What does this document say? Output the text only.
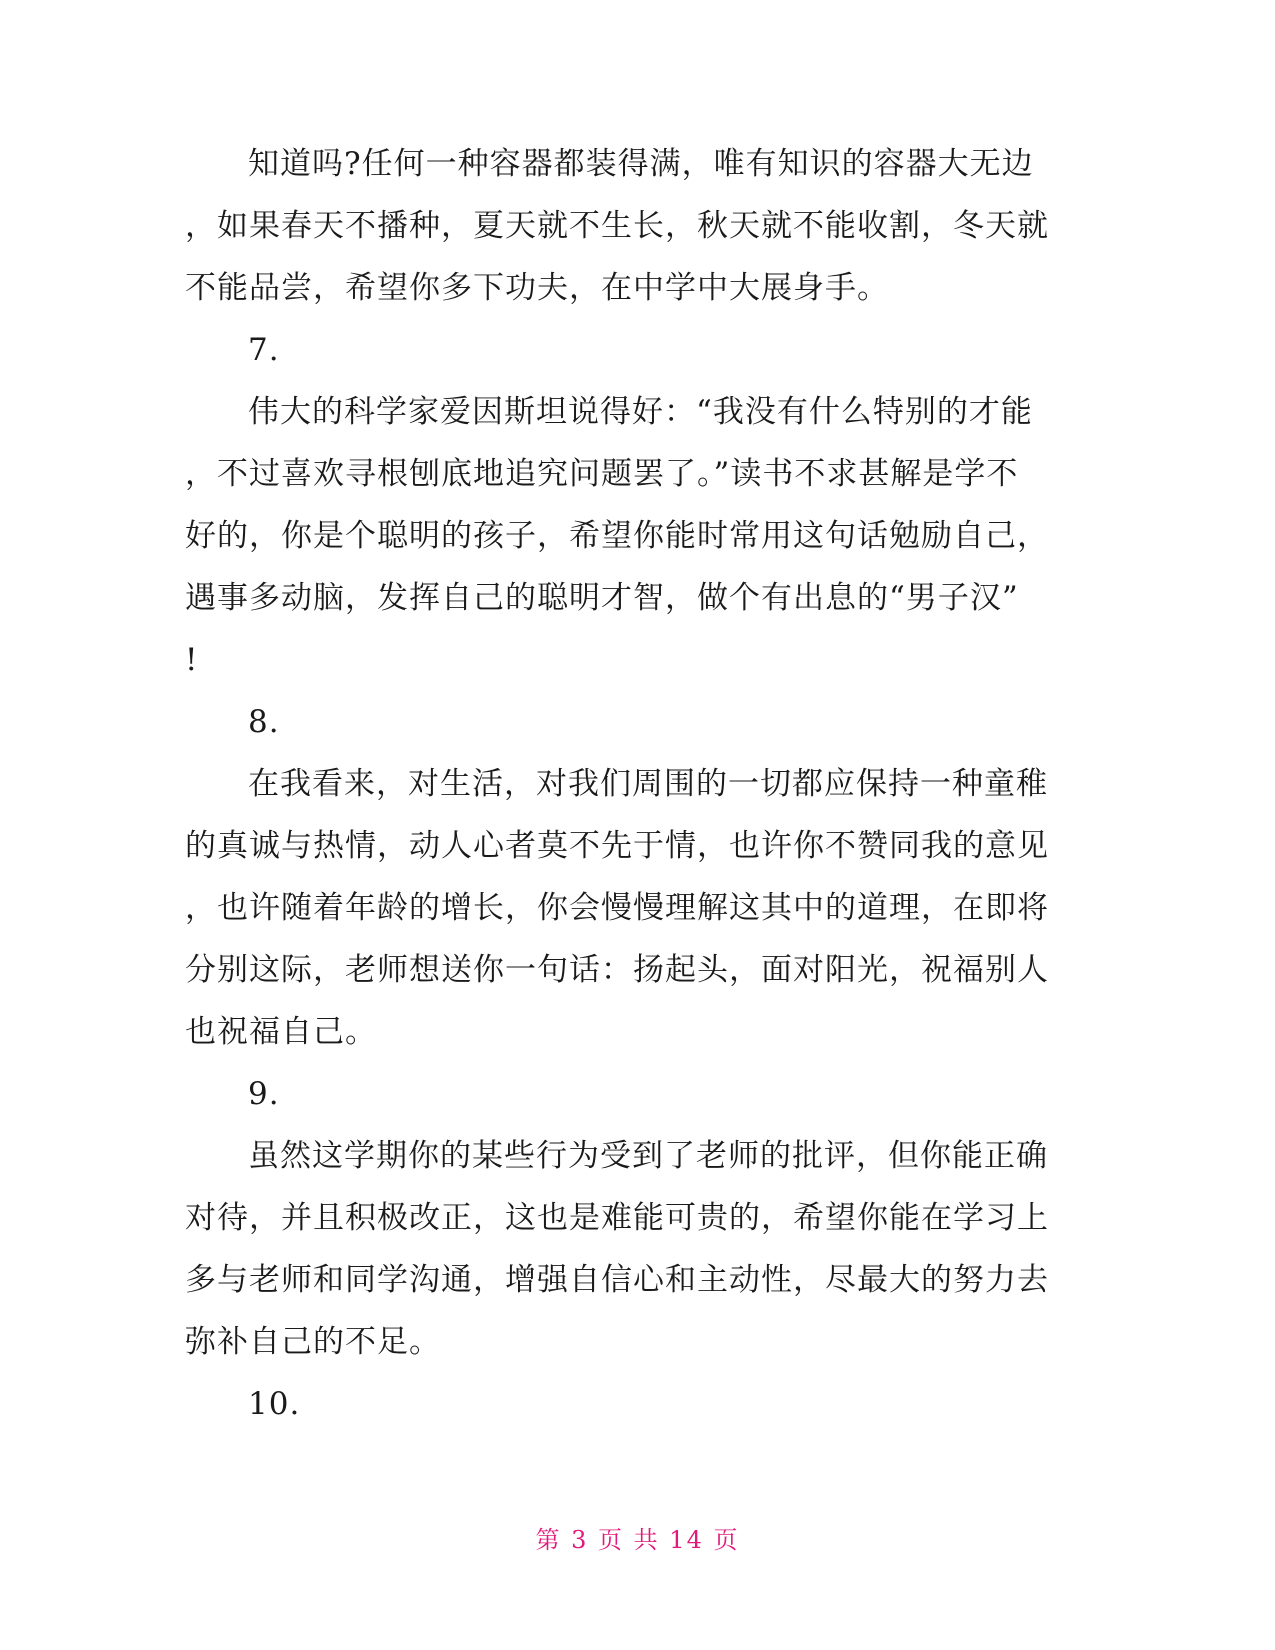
知道吗?任何一种容器都装得满，唯有知识的容器大无边
，如果春天不播种，夏天就不生长，秋天就不能收割，冬天就
不能品尝，希望你多下功夫，在中学中大展身手。
7.
伟大的科学家爱因斯坦说得好：“我没有什么特别的才能
，不过喜欢寻根刨底地追究问题罢了。”读书不求甚解是学不
好的，你是个聪明的孩子，希望你能时常用这句话勉励自己，
遇事多动脑，发挥自己的聪明才智，做个有出息的“男子汉”
!
8.
在我看来，对生活，对我们周围的一切都应保持一种童稚
的真诚与热情，动人心者莫不先于情，也许你不赞同我的意见
，也许随着年龄的增长，你会慢慢理解这其中的道理，在即将
分别这际，老师想送你一句话：扬起头，面对阳光，祝福别人
也祝福自己。
9.
虽然这学期你的某些行为受到了老师的批评，但你能正确
对待，并且积极改正，这也是难能可贵的，希望你能在学习上
多与老师和同学沟通，增强自信心和主动性，尽最大的努力去
弥补自己的不足。
10.
第 3 页 共 14 页
